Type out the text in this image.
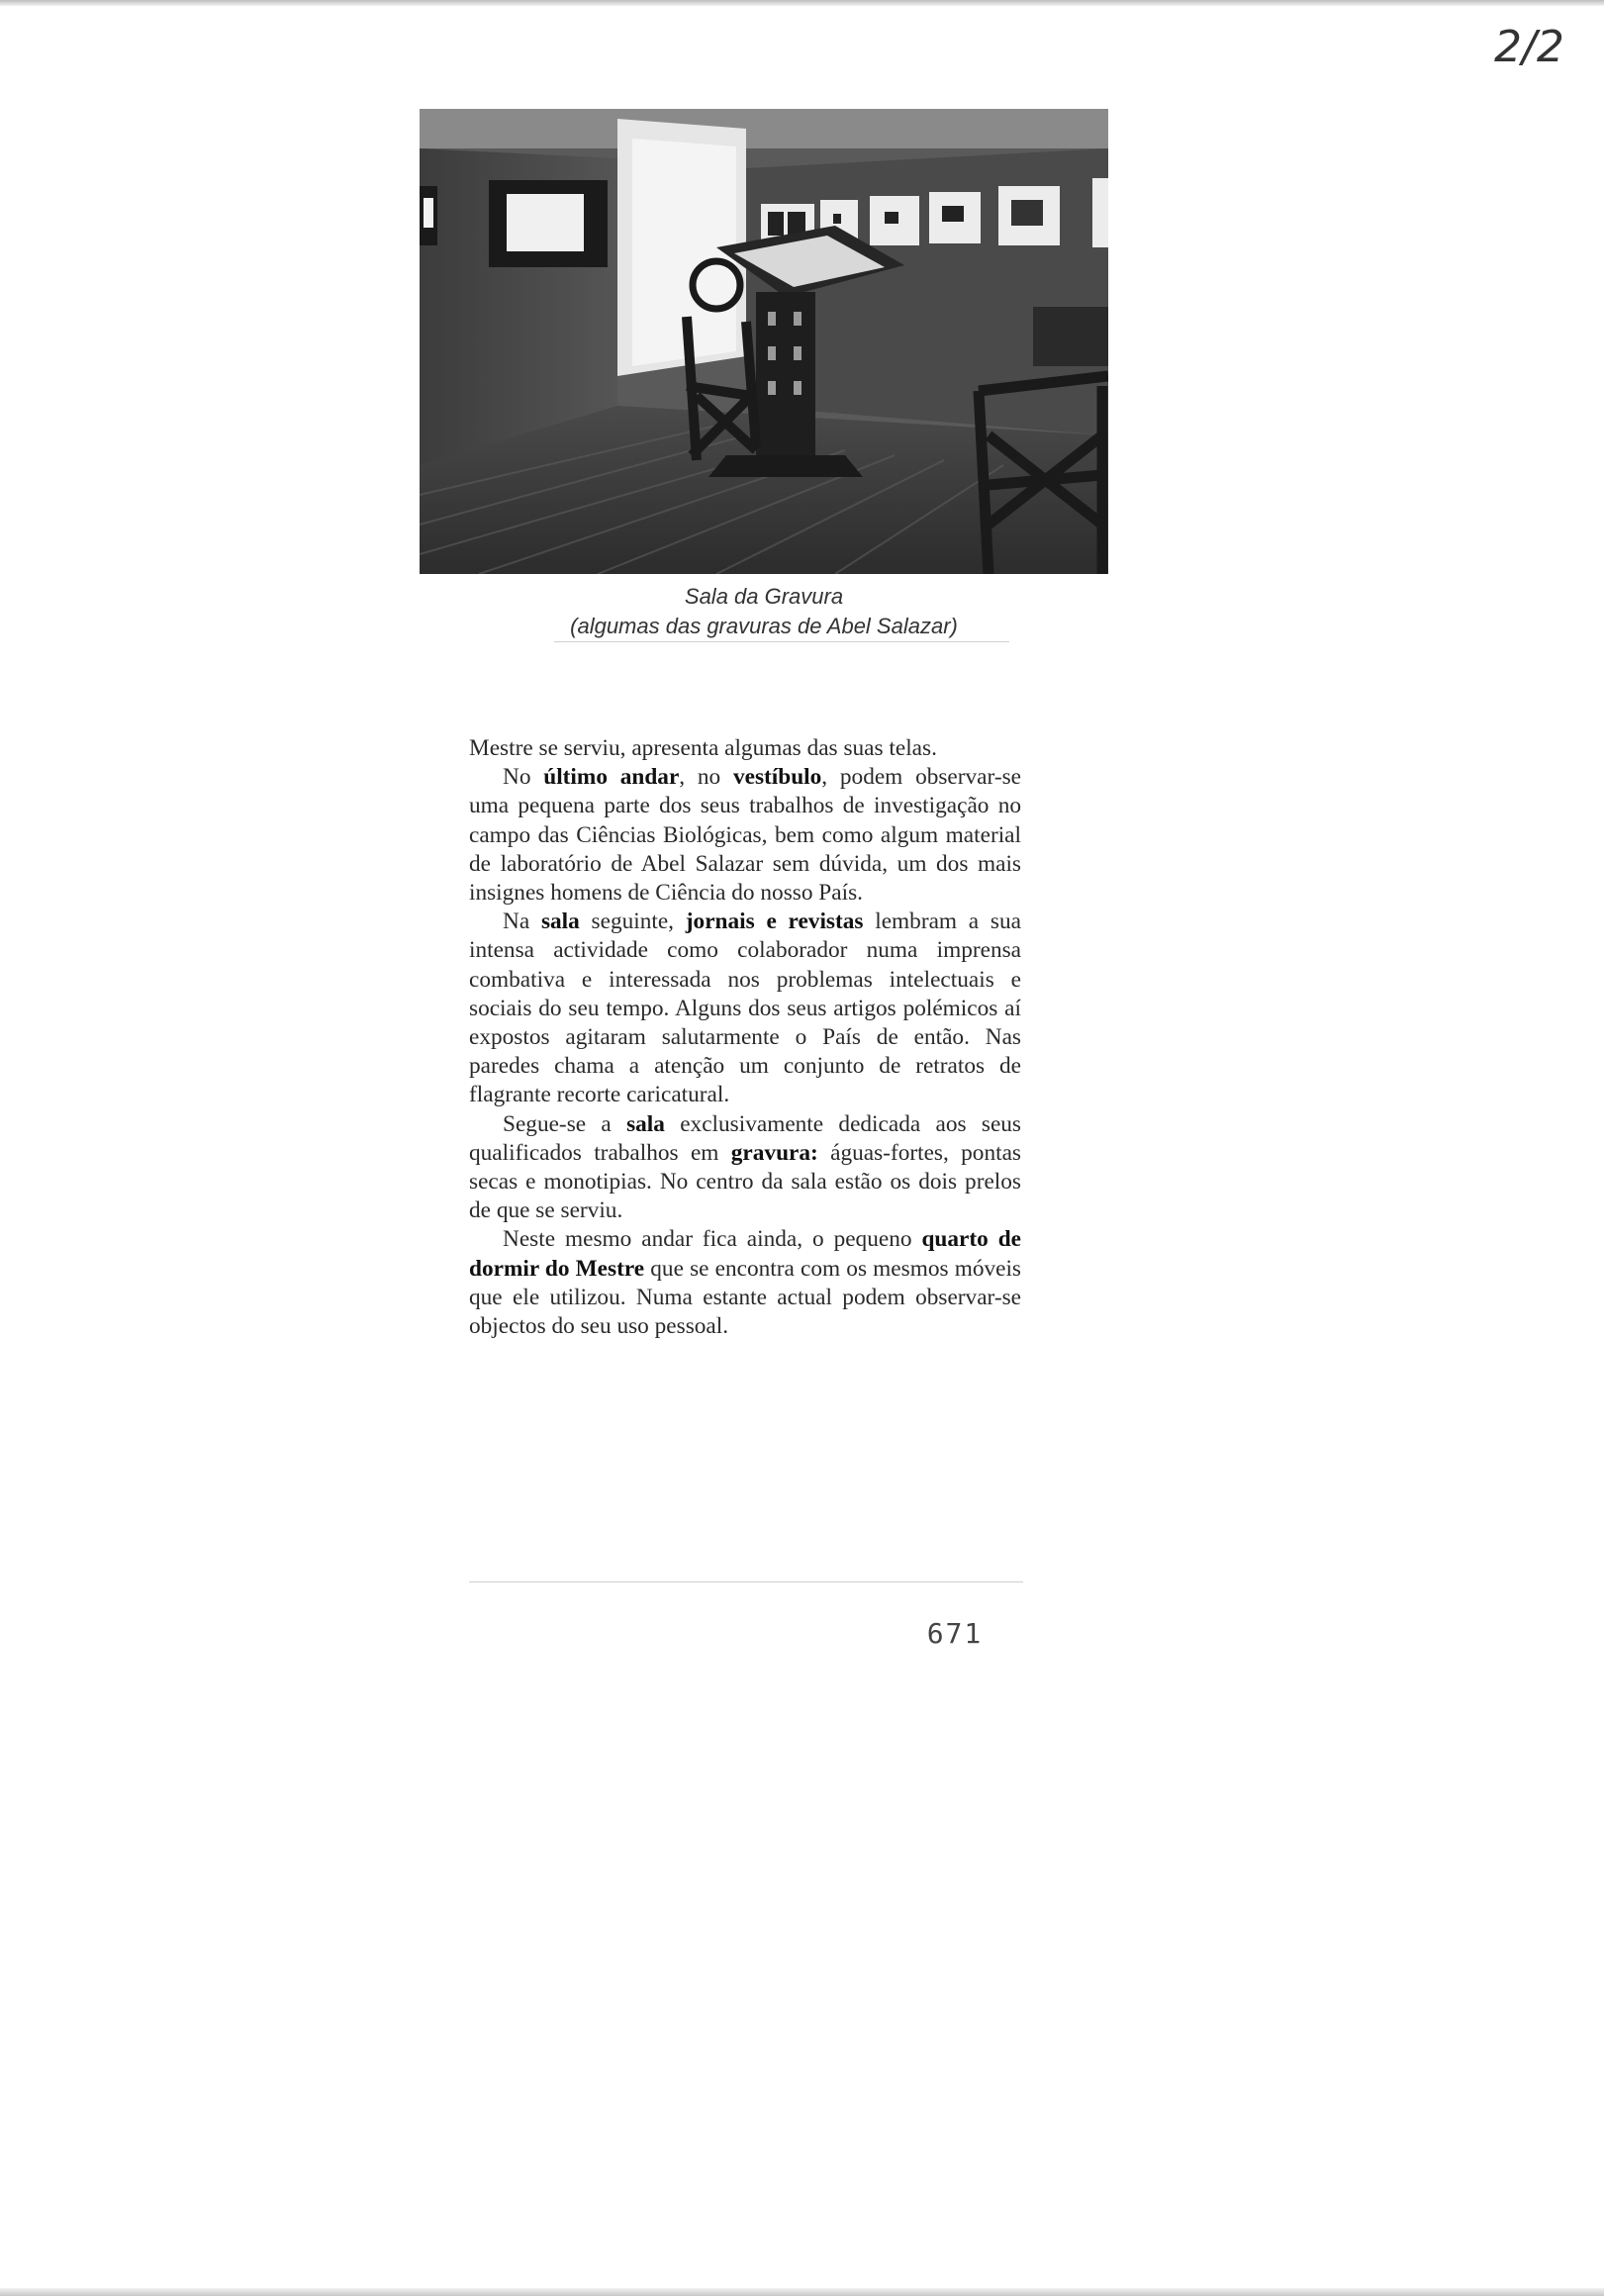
2/2
Sala da Gravura
(algumas das gravuras de Abel Salazar)

Mestre se serviu, apresenta algumas das suas telas.

No último andar, no vestíbulo, podem observar-se uma pequena parte dos seus trabalhos de investigação no campo das Ciências Biológicas, bem como algum material de laboratório de Abel Salazar sem dúvida, um dos mais insignes homens de Ciência do nosso País.

Na sala seguinte, jornais e revistas lembram a sua intensa actividade como colaborador numa imprensa combativa e interessada nos problemas intelectuais e sociais do seu tempo. Alguns dos seus artigos polémicos aí expostos agitaram salutarmente o País de então. Nas paredes chama a atenção um conjunto de retratos de flagrante recorte caricatural.

Segue-se a sala exclusivamente dedicada aos seus qualificados trabalhos em gravura: águas-fortes, pontas secas e monotipias. No centro da sala estão os dois prelos de que se serviu.

Neste mesmo andar fica ainda, o pequeno quarto de dormir do Mestre que se encontra com os mesmos móveis que ele utilizou. Numa estante actual podem observar-se objectos do seu uso pessoal.

671
